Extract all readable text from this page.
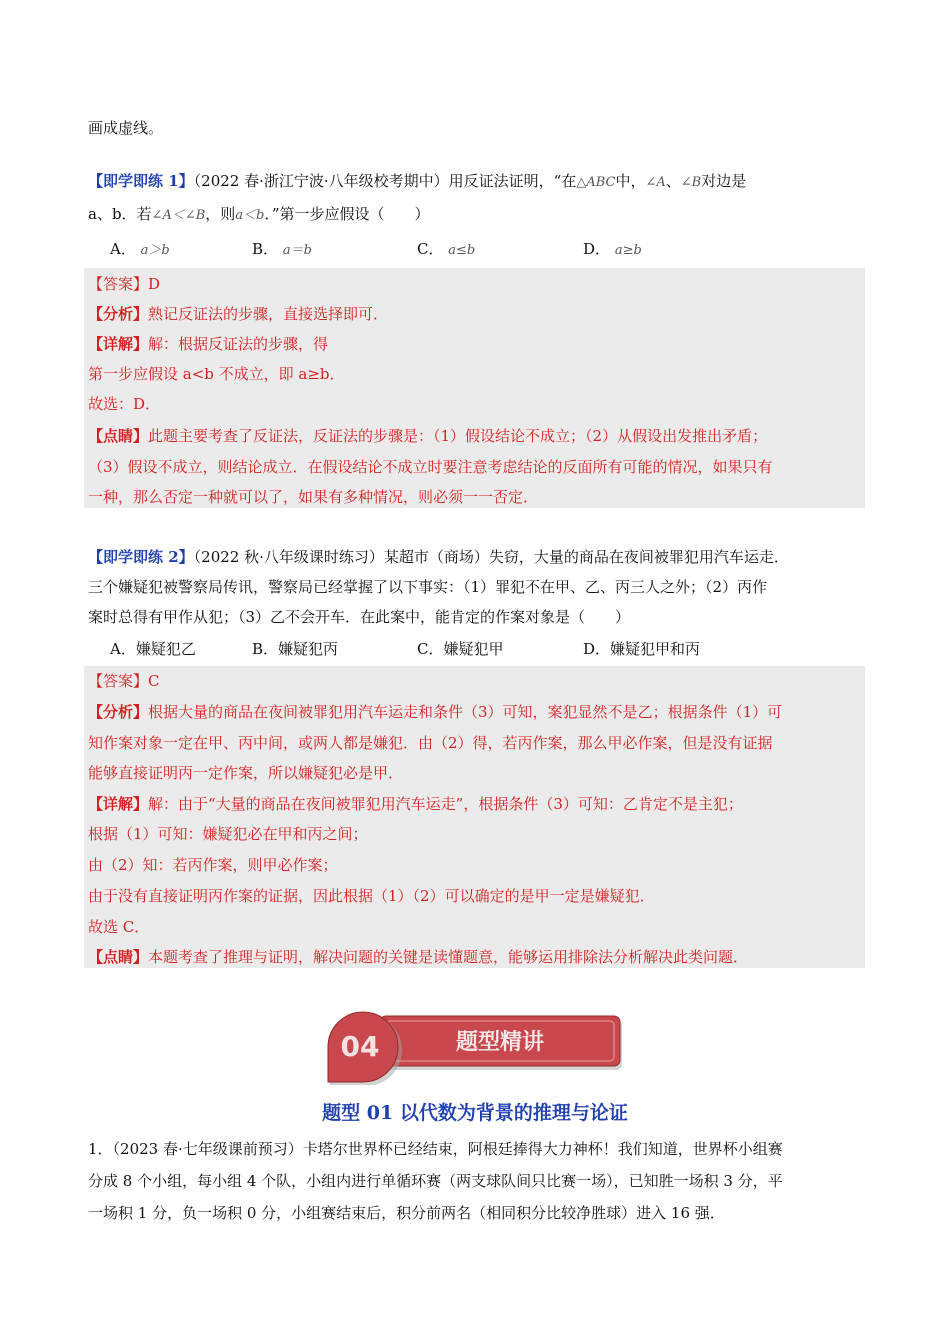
画成虚线。
【即学即练 1】（2022 春·浙江宁波·八年级校考期中）用反证法证明，“在△ABC中，∠A、∠B对边是
a、b．若∠A＜∠B，则a＜b．”第一步应假设（　　）
A． a＞b	B． a＝b	C． a≤b	D． a≥b
【答案】D
【分析】熟记反证法的步骤，直接选择即可．
【详解】解：根据反证法的步骤，得
第一步应假设 a<b 不成立，即 a≥b．
故选：D．
【点睛】此题主要考查了反证法，反证法的步骤是：（1）假设结论不成立；（2）从假设出发推出矛盾；
（3）假设不成立，则结论成立．在假设结论不成立时要注意考虑结论的反面所有可能的情况，如果只有
一种，那么否定一种就可以了，如果有多种情况，则必须一一否定．
【即学即练 2】（2022 秋·八年级课时练习）某超市（商场）失窃，大量的商品在夜间被罪犯用汽车运走．
三个嫌疑犯被警察局传讯，警察局已经掌握了以下事实：（1）罪犯不在甲、乙、丙三人之外；（2）丙作
案时总得有甲作从犯；（3）乙不会开车．在此案中，能肯定的作案对象是（　　）
A．嫌疑犯乙	B．嫌疑犯丙	C．嫌疑犯甲	D．嫌疑犯甲和丙
【答案】C
【分析】根据大量的商品在夜间被罪犯用汽车运走和条件（3）可知，案犯显然不是乙；根据条件（1）可
知作案对象一定在甲、丙中间，或两人都是嫌犯．由（2）得，若丙作案，那么甲必作案，但是没有证据
能够直接证明丙一定作案，所以嫌疑犯必是甲．
【详解】解：由于“大量的商品在夜间被罪犯用汽车运走”，根据条件（3）可知：乙肯定不是主犯；
根据（1）可知：嫌疑犯必在甲和丙之间；
由（2）知：若丙作案，则甲必作案；
由于没有直接证明丙作案的证据，因此根据（1）（2）可以确定的是甲一定是嫌疑犯．
故选 C．
【点睛】本题考查了推理与证明，解决问题的关键是读懂题意，能够运用排除法分析解决此类问题．
04	题型精讲
题型 01 以代数为背景的推理与论证
1．（2023 春·七年级课前预习）卡塔尔世界杯已经结束，阿根廷捧得大力神杯！我们知道，世界杯小组赛
分成 8 个小组，每小组 4 个队，小组内进行单循环赛（两支球队间只比赛一场），已知胜一场积 3 分，平
一场积 1 分，负一场积 0 分，小组赛结束后，积分前两名（相同积分比较净胜球）进入 16 强．
